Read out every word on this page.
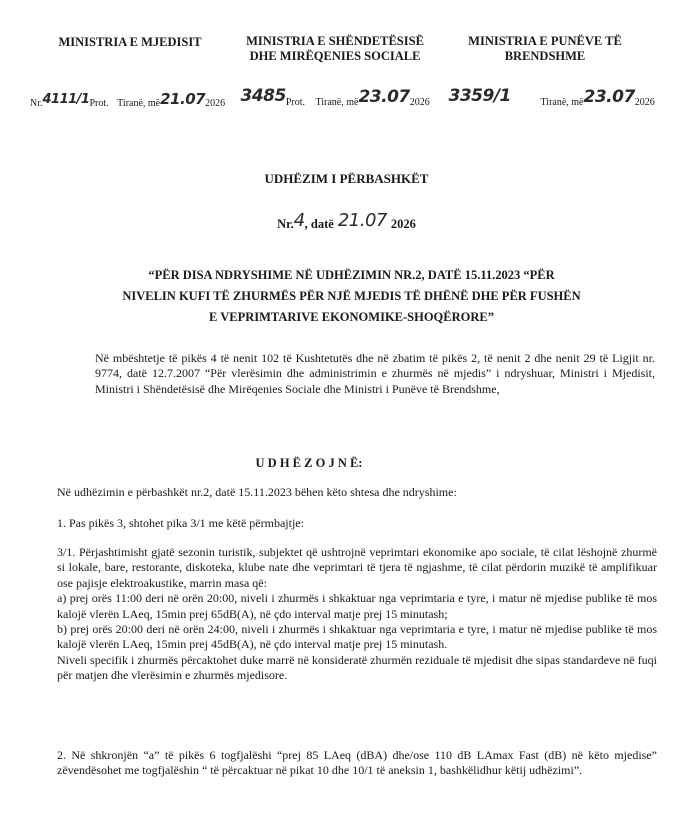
MINISTRIA E MJEDISIT	MINISTRIA E SHËNDETËSISË DHE MIRËQENIES SOCIALE
MINISTRIA E PUNËVE TË BRENDSHME
Nr.4111/1Prot. Tiranë, më21.072026 3485Prot. Tiranë, më23.072026	3359/1	Tiranë, më23.072026
UDHËZIM I PËRBASHKËT
Nr.4, datë 21.07 2026
“PËR DISA NDRYSHIME NË UDHËZIMIN NR.2, DATË 15.11.2023 “PËR
NIVELIN KUFI TË ZHURMËS PËR NJË MJEDIS TË DHËNË DHE PËR FUSHËN
E VEPRIMTARIVE EKONOMIKE-SHOQËRORE”

Në mbështetje të pikës 4 të nenit 102 të Kushtetutës dhe në zbatim të pikës 2, të nenit 2 dhe nenit 29 të Ligjit nr. 9774, datë 12.7.2007 “Për vlerësimin dhe administrimin e zhurmës në mjedis” i ndryshuar, Ministri i Mjedisit, Ministri i Shëndetësisë dhe Mirëqenies Sociale dhe Ministri i Punëve të Brendshme,

U D H Ë Z O J N Ë:

Në udhëzimin e përbashkët nr.2, datë 15.11.2023 bëhen këto shtesa dhe ndryshime:

1. Pas pikës 3, shtohet pika 3/1 me këtë përmbajtje:

3/1. Përjashtimisht gjatë sezonin turistik, subjektet që ushtrojnë veprimtari ekonomike apo sociale, të cilat lëshojnë zhurmë si lokale, bare, restorante, diskoteka, klube nate dhe veprimtari të tjera të ngjashme, të cilat përdorin muzikë të amplifikuar ose pajisje elektroakustike, marrin masa që:

a) prej orës 11:00 deri në orën 20:00, niveli i zhurmës i shkaktuar nga veprimtaria e tyre, i matur në mjedise publike të mos kalojë vlerën LAeq, 15min prej 65dB(A), në çdo interval matje prej 15 minutash;

b) prej orës 20:00 deri në orën 24:00, niveli i zhurmës i shkaktuar nga veprimtaria e tyre, i matur në mjedise publike të mos kalojë vlerën LAeq, 15min prej 45dB(A), në çdo interval matje prej 15 minutash.

Niveli specifik i zhurmës përcaktohet duke marrë në konsideratë zhurmën reziduale të mjedisit dhe sipas standardeve në fuqi për matjen dhe vlerësimin e zhurmës mjedisore.

2. Në shkronjën “a” të pikës 6 togfjalëshi “prej 85 LAeq (dBA) dhe/ose 110 dB LAmax Fast (dB) në këto mjedise” zëvendësohet me togfjalëshin “ të përcaktuar në pikat 10 dhe 10/1 të aneksin 1, bashkëlidhur këtij udhëzimi”.
